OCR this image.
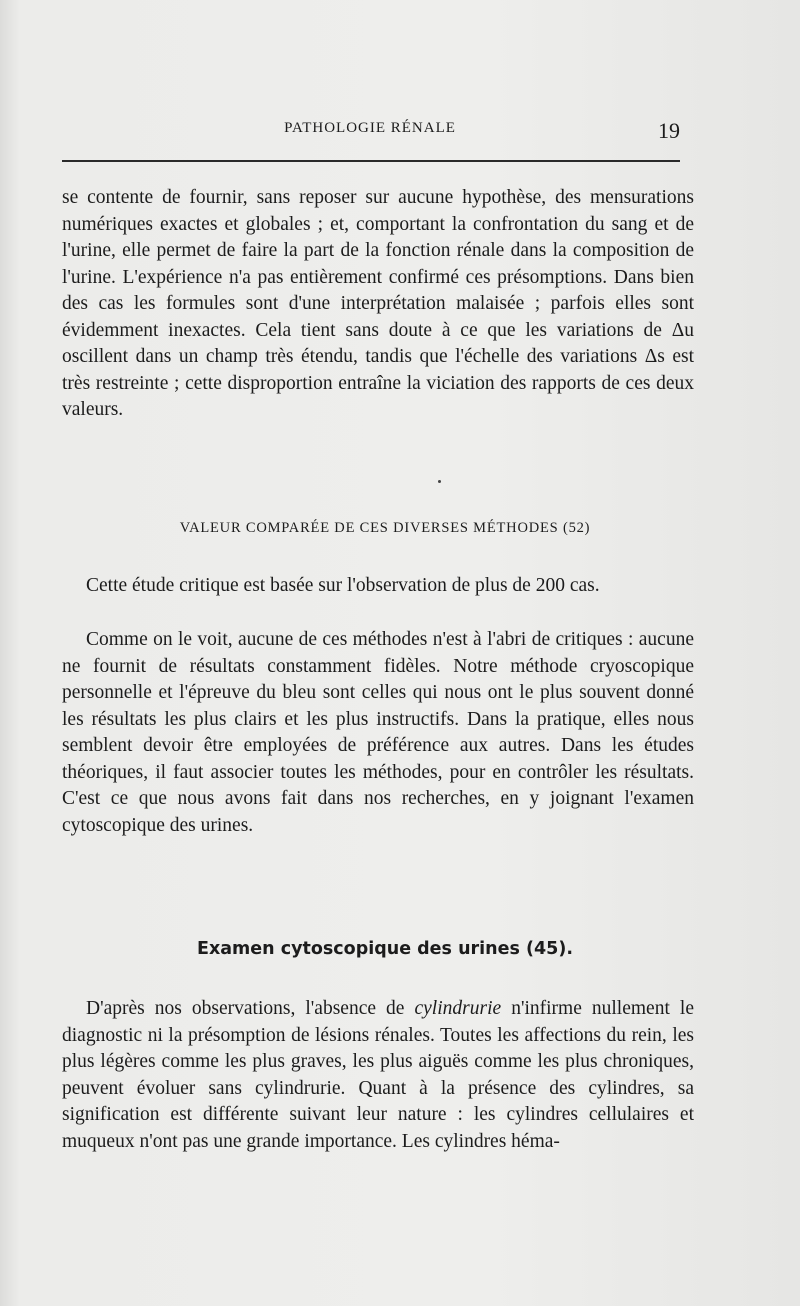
PATHOLOGIE RÉNALE	19

se contente de fournir, sans reposer sur aucune hypothèse, des mensurations numériques exactes et globales ; et, comportant la confrontation du sang et de l'urine, elle permet de faire la part de la fonction rénale dans la composition de l'urine. L'expérience n'a pas entièrement confirmé ces présomptions. Dans bien des cas les formules sont d'une interprétation malaisée ; parfois elles sont évidemment inexactes. Cela tient sans doute à ce que les variations de Δu oscillent dans un champ très étendu, tandis que l'échelle des variations Δs est très restreinte ; cette disproportion entraîne la viciation des rapports de ces deux valeurs.

VALEUR COMPARÉE DE CES DIVERSES MÉTHODES (52)

Cette étude critique est basée sur l'observation de plus de 200 cas.

Comme on le voit, aucune de ces méthodes n'est à l'abri de critiques : aucune ne fournit de résultats constamment fidèles. Notre méthode cryoscopique personnelle et l'épreuve du bleu sont celles qui nous ont le plus souvent donné les résultats les plus clairs et les plus instructifs. Dans la pratique, elles nous semblent devoir être employées de préférence aux autres. Dans les études théoriques, il faut associer toutes les méthodes, pour en contrôler les résultats. C'est ce que nous avons fait dans nos recherches, en y joignant l'examen cytoscopique des urines.

Examen cytoscopique des urines (45).

D'après nos observations, l'absence de cylindrurie n'infirme nullement le diagnostic ni la présomption de lésions rénales. Toutes les affections du rein, les plus légères comme les plus graves, les plus aiguës comme les plus chroniques, peuvent évoluer sans cylindrurie. Quant à la présence des cylindres, sa signification est différente suivant leur nature : les cylindres cellulaires et muqueux n'ont pas une grande importance. Les cylindres héma-
